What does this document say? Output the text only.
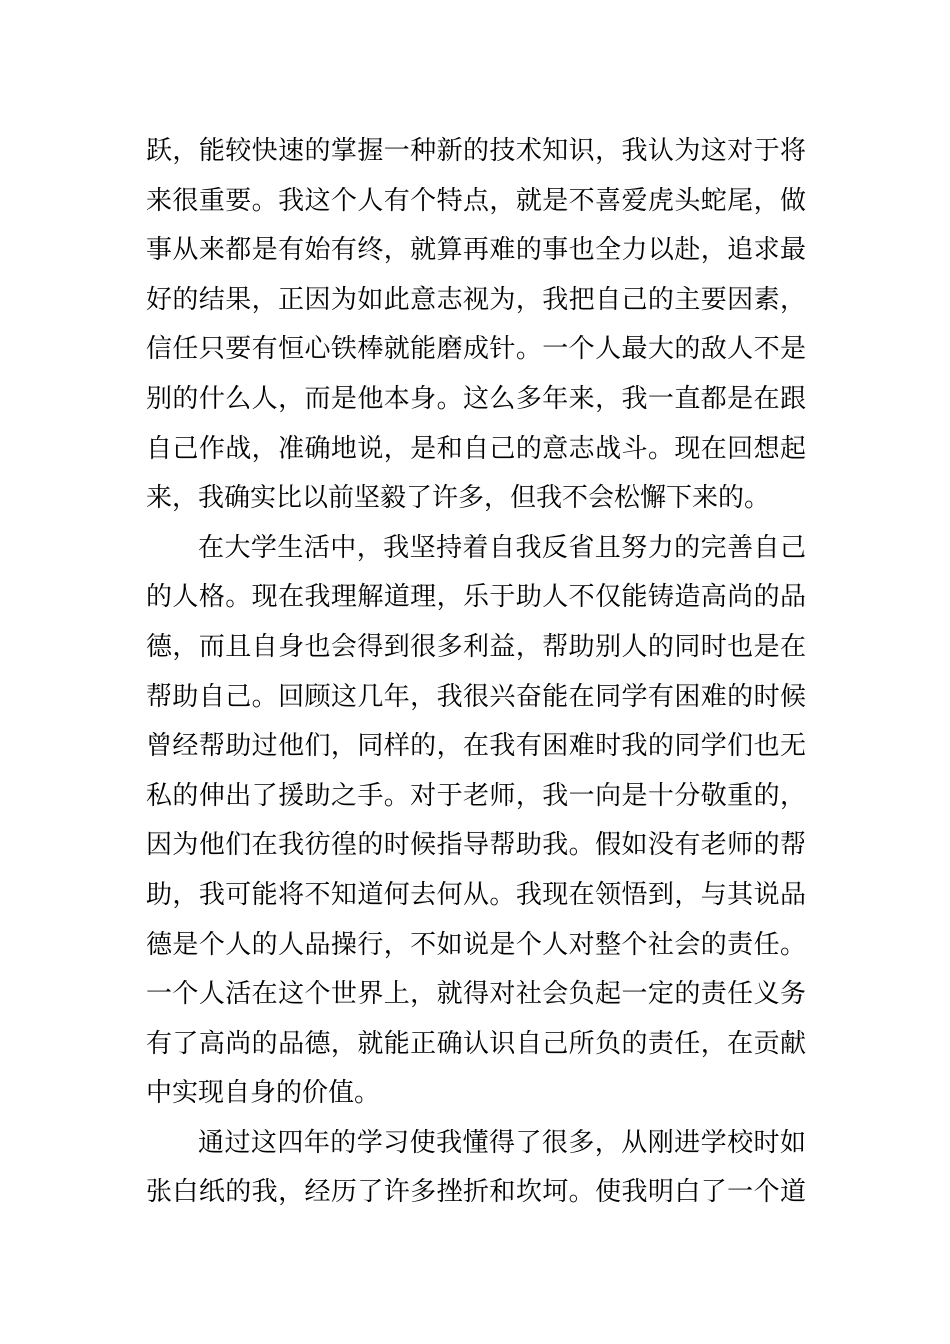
跃，能较快速的掌握一种新的技术知识，我认为这对于将
来很重要。我这个人有个特点，就是不喜爱虎头蛇尾，做
事从来都是有始有终，就算再难的事也全力以赴，追求最
好的结果，正因为如此意志视为，我把自己的主要因素，
信任只要有恒心铁棒就能磨成针。一个人最大的敌人不是
别的什么人，而是他本身。这么多年来，我一直都是在跟
自己作战，准确地说，是和自己的意志战斗。现在回想起
来，我确实比以前坚毅了许多，但我不会松懈下来的。
在大学生活中，我坚持着自我反省且努力的完善自己
的人格。现在我理解道理，乐于助人不仅能铸造高尚的品
德，而且自身也会得到很多利益，帮助别人的同时也是在
帮助自己。回顾这几年，我很兴奋能在同学有困难的时候
曾经帮助过他们，同样的，在我有困难时我的同学们也无
私的伸出了援助之手。对于老师，我一向是十分敬重的，
因为他们在我彷徨的时候指导帮助我。假如没有老师的帮
助，我可能将不知道何去何从。我现在领悟到，与其说品
德是个人的人品操行，不如说是个人对整个社会的责任。
一个人活在这个世界上，就得对社会负起一定的责任义务
有了高尚的品德，就能正确认识自己所负的责任，在贡献
中实现自身的价值。
通过这四年的学习使我懂得了很多，从刚进学校时如
张白纸的我，经历了许多挫折和坎坷。使我明白了一个道
